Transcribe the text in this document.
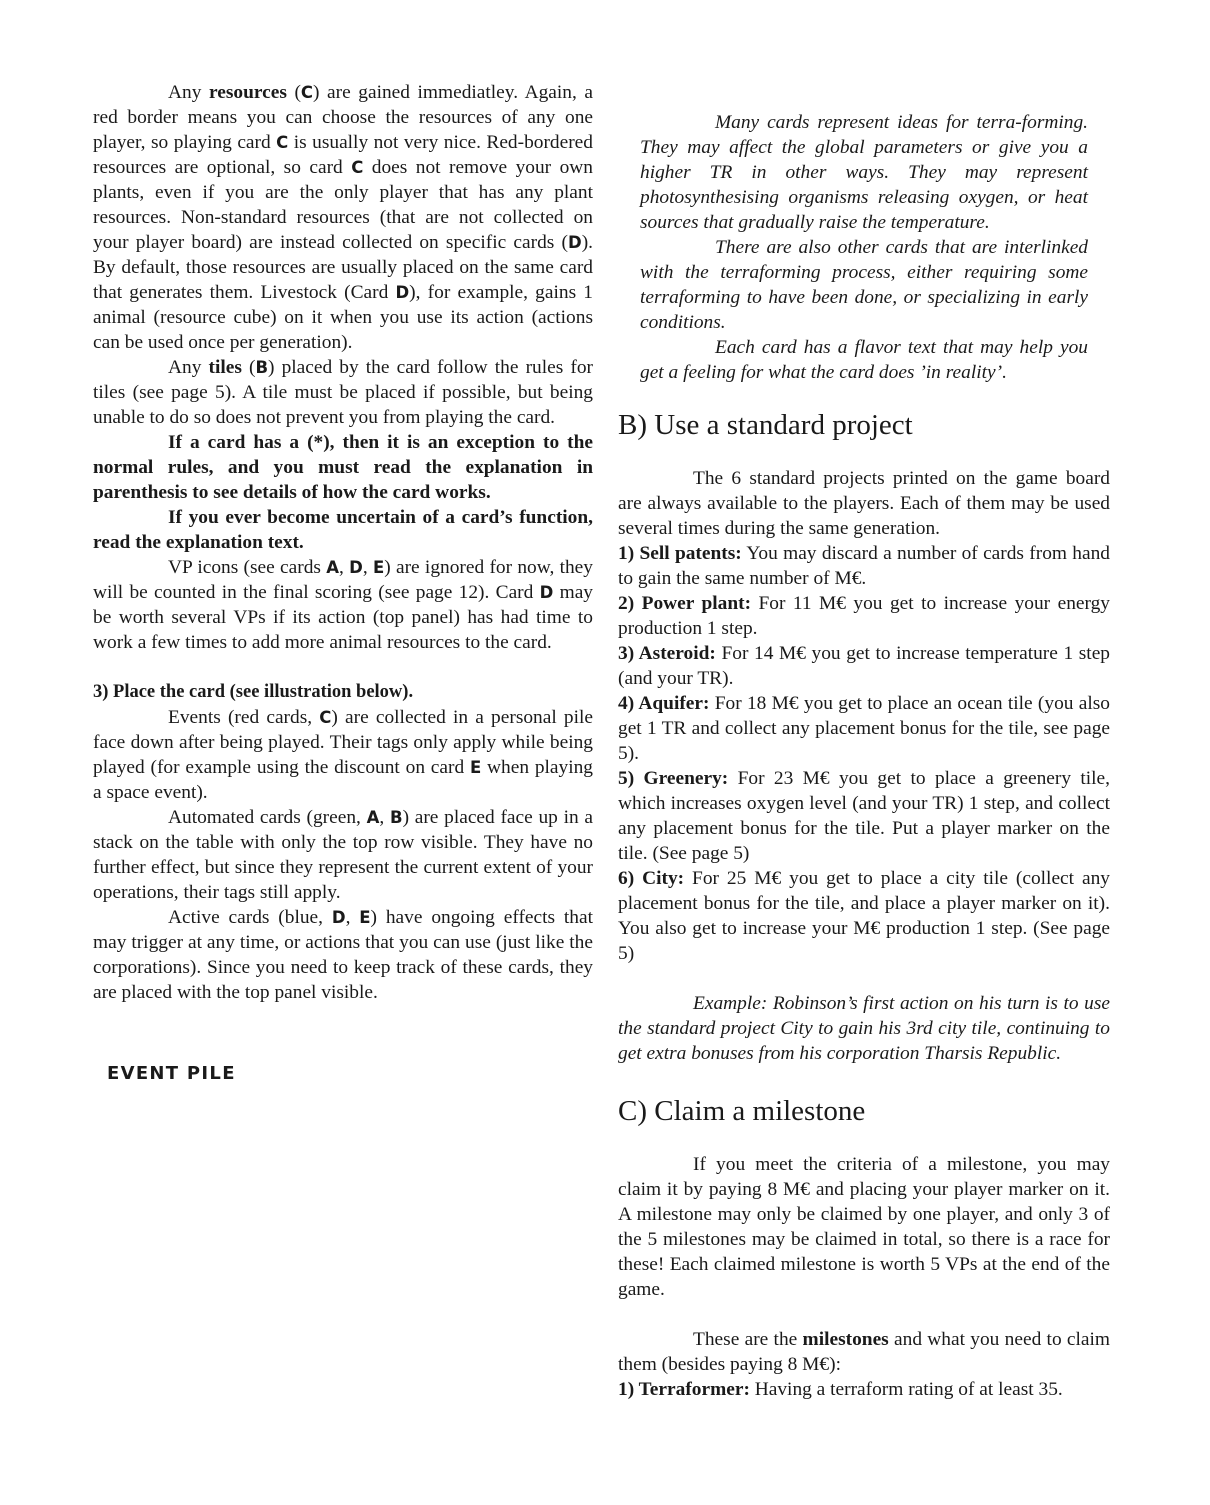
Any resources (C) are gained immediatley. Again, a red border means you can choose the resources of any one player, so playing card C is usually not very nice. Red-bordered resources are optional, so card C does not remove your own plants, even if you are the only player that has any plant resources. Non-standard resources (that are not collected on your player board) are instead collected on specific cards (D). By default, those resources are usually placed on the same card that generates them. Livestock (Card D), for example, gains 1 animal (resource cube) on it when you use its action (actions can be used once per generation).

Any tiles (B) placed by the card follow the rules for tiles (see page 5). A tile must be placed if possible, but being unable to do so does not prevent you from playing the card.

If a card has a (*), then it is an exception to the normal rules, and you must read the explanation in parenthesis to see details of how the card works.

If you ever become uncertain of a card’s function, read the explanation text.

VP icons (see cards A, D, E) are ignored for now, they will be counted in the final scoring (see page 12). Card D may be worth several VPs if its action (top panel) has had time to work a few times to add more animal resources to the card.

3) Place the card (see illustration below).

Events (red cards, C) are collected in a personal pile face down after being played. Their tags only apply while being played (for example using the discount on card E when playing a space event).

Automated cards (green, A, B) are placed face up in a stack on the table with only the top row visible. They have no further effect, but since they represent the current extent of your operations, their tags still apply.

Active cards (blue, D, E) have ongoing effects that may trigger at any time, or actions that you can use (just like the corporations). Since you need to keep track of these cards, they are placed with the top panel visible.

EVENT PILE

Many cards represent ideas for terra-forming. They may affect the global parameters or give you a higher TR in other ways. They may represent photosynthesising organisms releasing oxygen, or heat sources that gradually raise the temperature.

There are also other cards that are interlinked with the terraforming process, either requiring some terraforming to have been done, or specializing in early conditions.

Each card has a flavor text that may help you get a feeling for what the card does ’in reality’.

B) Use a standard project

The 6 standard projects printed on the game board are always available to the players. Each of them may be used several times during the same generation.

1) Sell patents: You may discard a number of cards from hand to gain the same number of M€.

2) Power plant: For 11 M€ you get to increase your energy production 1 step.

3) Asteroid: For 14 M€ you get to increase temperature 1 step (and your TR).

4) Aquifer: For 18 M€ you get to place an ocean tile (you also get 1 TR and collect any placement bonus for the tile, see page 5).

5) Greenery: For 23 M€ you get to place a greenery tile, which increases oxygen level (and your TR) 1 step, and collect any placement bonus for the tile. Put a player marker on the tile. (See page 5)

6) City: For 25 M€ you get to place a city tile (collect any placement bonus for the tile, and place a player marker on it). You also get to increase your M€ production 1 step. (See page 5)

Example: Robinson’s first action on his turn is to use the standard project City to gain his 3rd city tile, continuing to get extra bonuses from his corporation Tharsis Republic.

C) Claim a milestone

If you meet the criteria of a milestone, you may claim it by paying 8 M€ and placing your player marker on it. A milestone may only be claimed by one player, and only 3 of the 5 milestones may be claimed in total, so there is a race for these! Each claimed milestone is worth 5 VPs at the end of the game.

These are the milestones and what you need to claim them (besides paying 8 M€):

1) Terraformer: Having a terraform rating of at least 35.
